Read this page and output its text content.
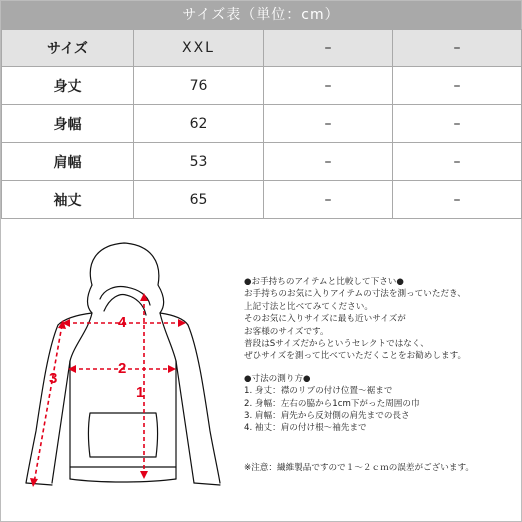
サイズ表（単位：cm）
サイズ	XXL	–	–
身丈	76	–	–
身幅	62	–	–
肩幅	53	–	–
袖丈	65	–	–
4
2
1
3

●お手持ちのアイテムと比較して下さい●

お手持ちのお気に入りアイテムの寸法を測っていただき、

上記寸法と比べてみてください。

そのお気に入りサイズに最も近いサイズが

お客様のサイズです。

普段はSサイズだからというセレクトではなく、

ぜひサイズを測って比べていただくことをお勧めします。

●寸法の測り方●

1. 身丈：襟のリブの付け位置～裾まで

2. 身幅：左右の脇から1cm下がった周囲の巾

3. 肩幅：肩先から反対側の肩先までの長さ

4. 袖丈：肩の付け根～袖先まで

※注意：繊維製品ですので１～２ｃｍの誤差がございます。
